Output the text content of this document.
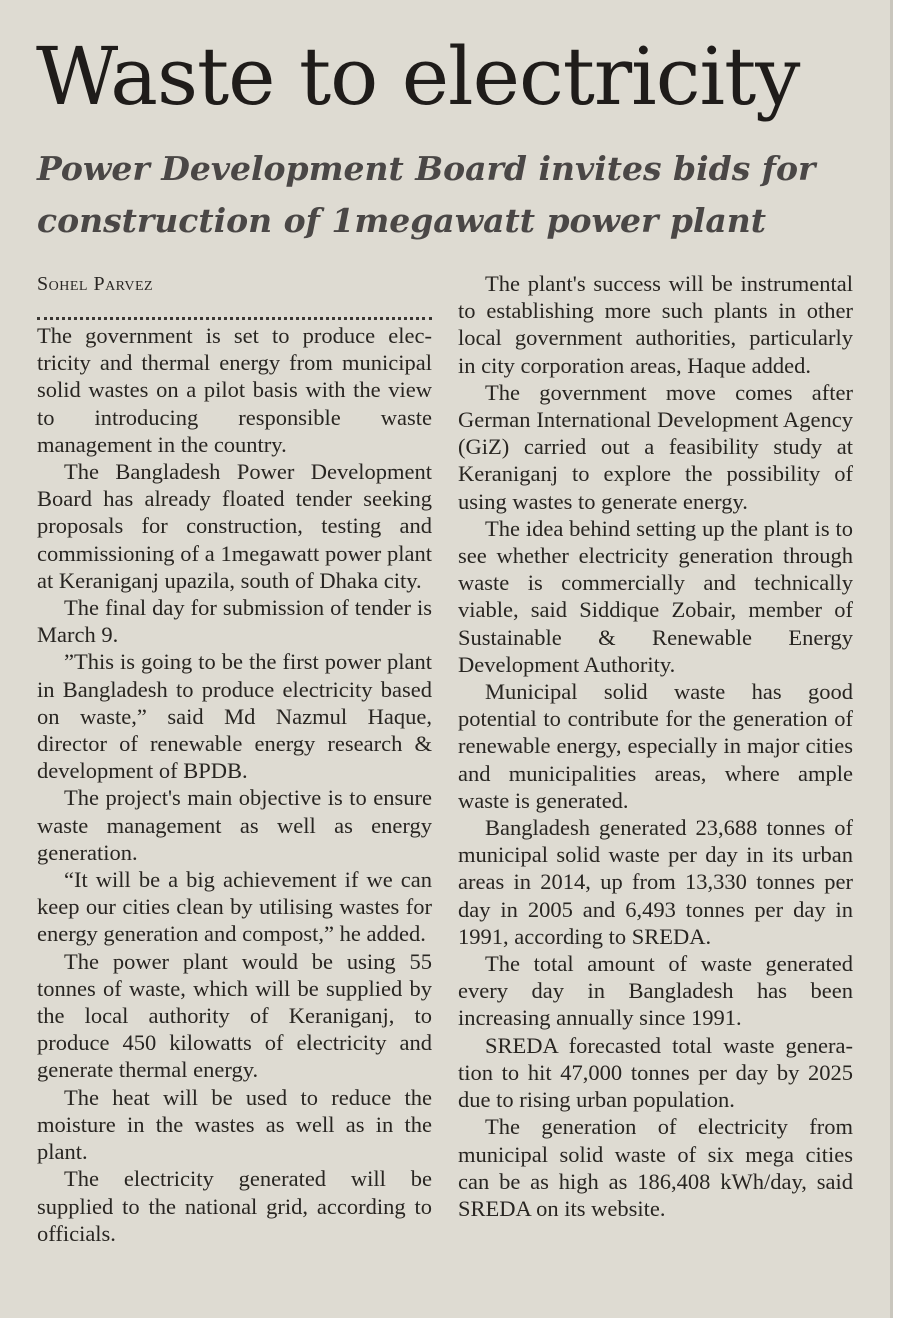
Waste to electricity
Power Development Board invites bids for construction of 1megawatt power plant
Sohel Parvez

The government is set to produce electricity and thermal energy from municipal solid wastes on a pilot basis with the view to introducing responsible waste management in the country.

The Bangladesh Power Development Board has already floated tender seeking proposals for construction, testing and commissioning of a 1megawatt power plant at Keraniganj upazila, south of Dhaka city.

The final day for submission of tender is March 9.

”This is going to be the first power plant in Bangladesh to produce electricity based on waste,” said Md Nazmul Haque, director of renewable energy research & development of BPDB.

The project's main objective is to ensure waste management as well as energy generation.

“It will be a big achievement if we can keep our cities clean by utilising wastes for energy generation and compost,” he added.

The power plant would be using 55 tonnes of waste, which will be supplied by the local authority of Keraniganj, to produce 450 kilowatts of electricity and generate thermal energy.

The heat will be used to reduce the moisture in the wastes as well as in the plant.

The electricity generated will be supplied to the national grid, according to officials.

The plant's success will be instrumental to establishing more such plants in other local government authorities, particularly in city corporation areas, Haque added.

The government move comes after German International Development Agency (GiZ) carried out a feasibility study at Keraniganj to explore the possibility of using wastes to generate energy.

The idea behind setting up the plant is to see whether electricity generation through waste is commercially and technically viable, said Siddique Zobair, member of Sustainable & Renewable Energy Development Authority.

Municipal solid waste has good potential to contribute for the generation of renewable energy, especially in major cities and municipalities areas, where ample waste is generated.

Bangladesh generated 23,688 tonnes of municipal solid waste per day in its urban areas in 2014, up from 13,330 tonnes per day in 2005 and 6,493 tonnes per day in 1991, according to SREDA.

The total amount of waste generated every day in Bangladesh has been increasing annually since 1991.

SREDA forecasted total waste generation to hit 47,000 tonnes per day by 2025 due to rising urban population.

The generation of electricity from municipal solid waste of six mega cities can be as high as 186,408 kWh/day, said SREDA on its website.
